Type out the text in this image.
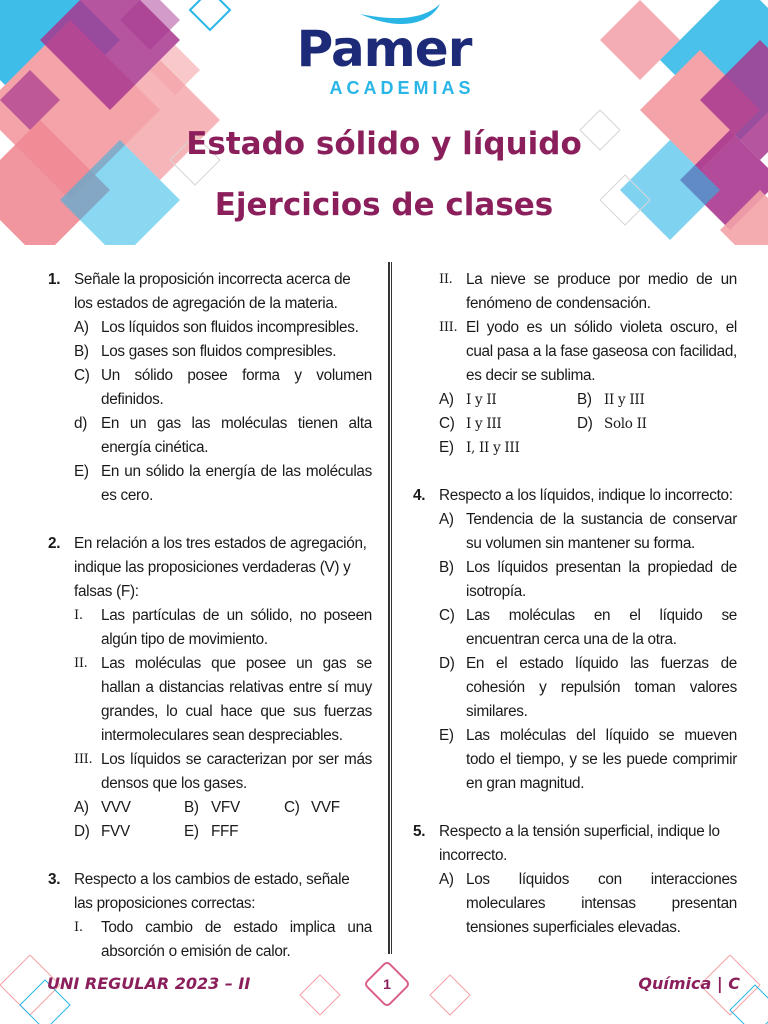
Pamer
ACADEMIAS
Estado sólido y líquido
Ejercicios de clases
1. Señale la proposición incorrecta acerca de los estados de agregación de la materia.
A) Los líquidos son fluidos incompresibles.
B) Los gases son fluidos compresibles.
C) Un sólido posee forma y volumen definidos.
d) En un gas las moléculas tienen alta energía cinética.
E) En un sólido la energía de las moléculas es cero.
2. En relación a los tres estados de agregación, indique las proposiciones verdaderas (V) y falsas (F):
I. Las partículas de un sólido, no poseen algún tipo de movimiento.
II. Las moléculas que posee un gas se hallan a distancias relativas entre sí muy grandes, lo cual hace que sus fuerzas intermoleculares sean despreciables.
III. Los líquidos se caracterizan por ser más densos que los gases.
A) VVV	B) VFV	C) VVF
D) FVV	E) FFF
3. Respecto a los cambios de estado, señale las proposiciones correctas:
I. Todo cambio de estado implica una absorción o emisión de calor.
II. La nieve se produce por medio de un fenómeno de condensación.
III. El yodo es un sólido violeta oscuro, el cual pasa a la fase gaseosa con facilidad, es decir se sublima.
A) I y II	B) II y III
C) I y III	D) Solo II
E) I, II y III
4. Respecto a los líquidos, indique lo incorrecto:
A) Tendencia de la sustancia de conservar su volumen sin mantener su forma.
B) Los líquidos presentan la propiedad de isotropía.
C) Las moléculas en el líquido se encuentran cerca una de la otra.
D) En el estado líquido las fuerzas de cohesión y repulsión toman valores similares.
E) Las moléculas del líquido se mueven todo el tiempo, y se les puede comprimir en gran magnitud.
5. Respecto a la tensión superficial, indique lo incorrecto.
A) Los líquidos con interacciones moleculares intensas presentan tensiones superficiales elevadas.
UNI REGULAR 2023 – II	1	Química | C
